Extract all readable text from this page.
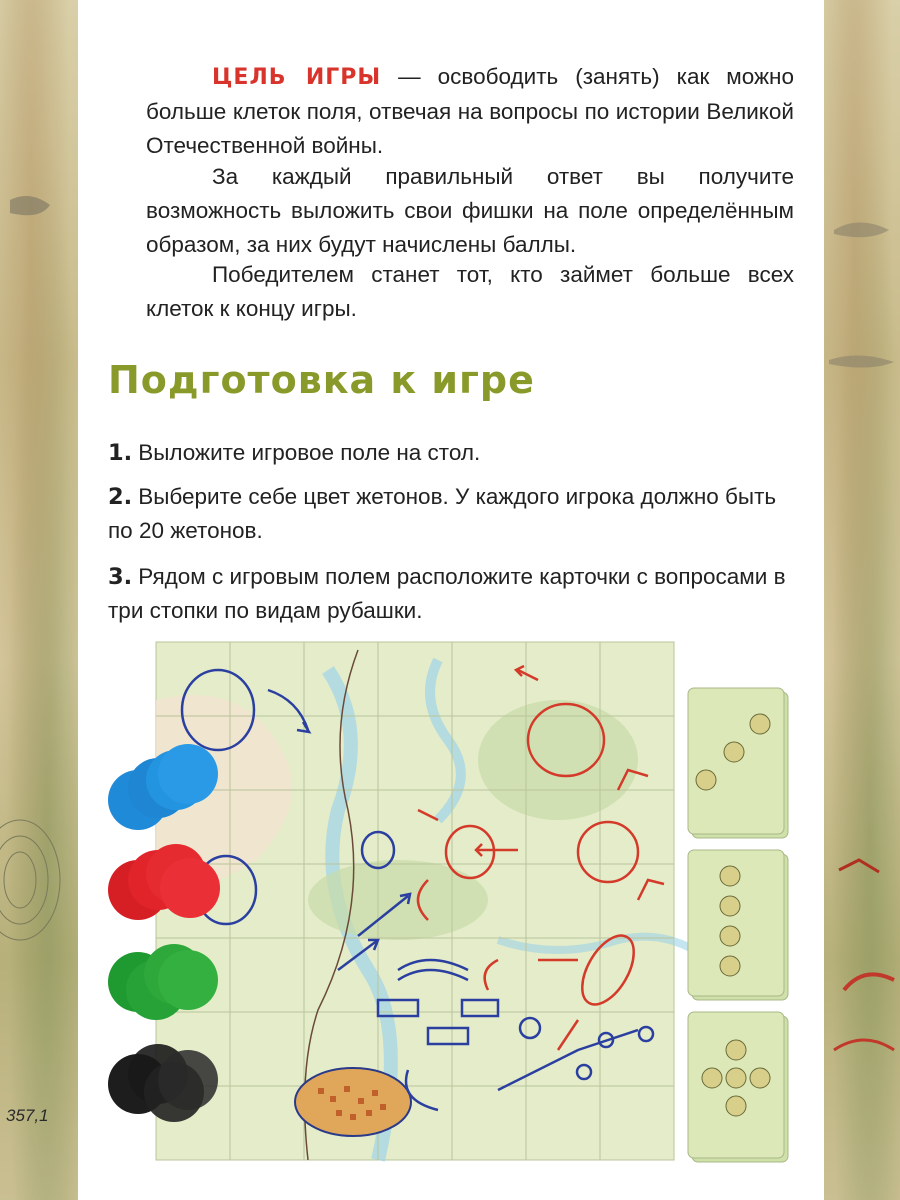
357,1

ЦЕЛЬ ИГРЫ — освободить (занять) как можно больше клеток поля, отвечая на вопросы по истории Великой Отечественной войны.

За каждый правильный ответ вы получите возможность выложить свои фишки на поле определённым образом, за них будут начислены баллы.

Победителем станет тот, кто займет больше всех клеток к концу игры.

Подготовка к игре

1. Выложите игровое поле на стол.

2. Выберите себе цвет жетонов. У каждого игрока должно быть по 20 жетонов.

3. Рядом с игровым полем расположите карточки с вопросами в три стопки по видам рубашки.
